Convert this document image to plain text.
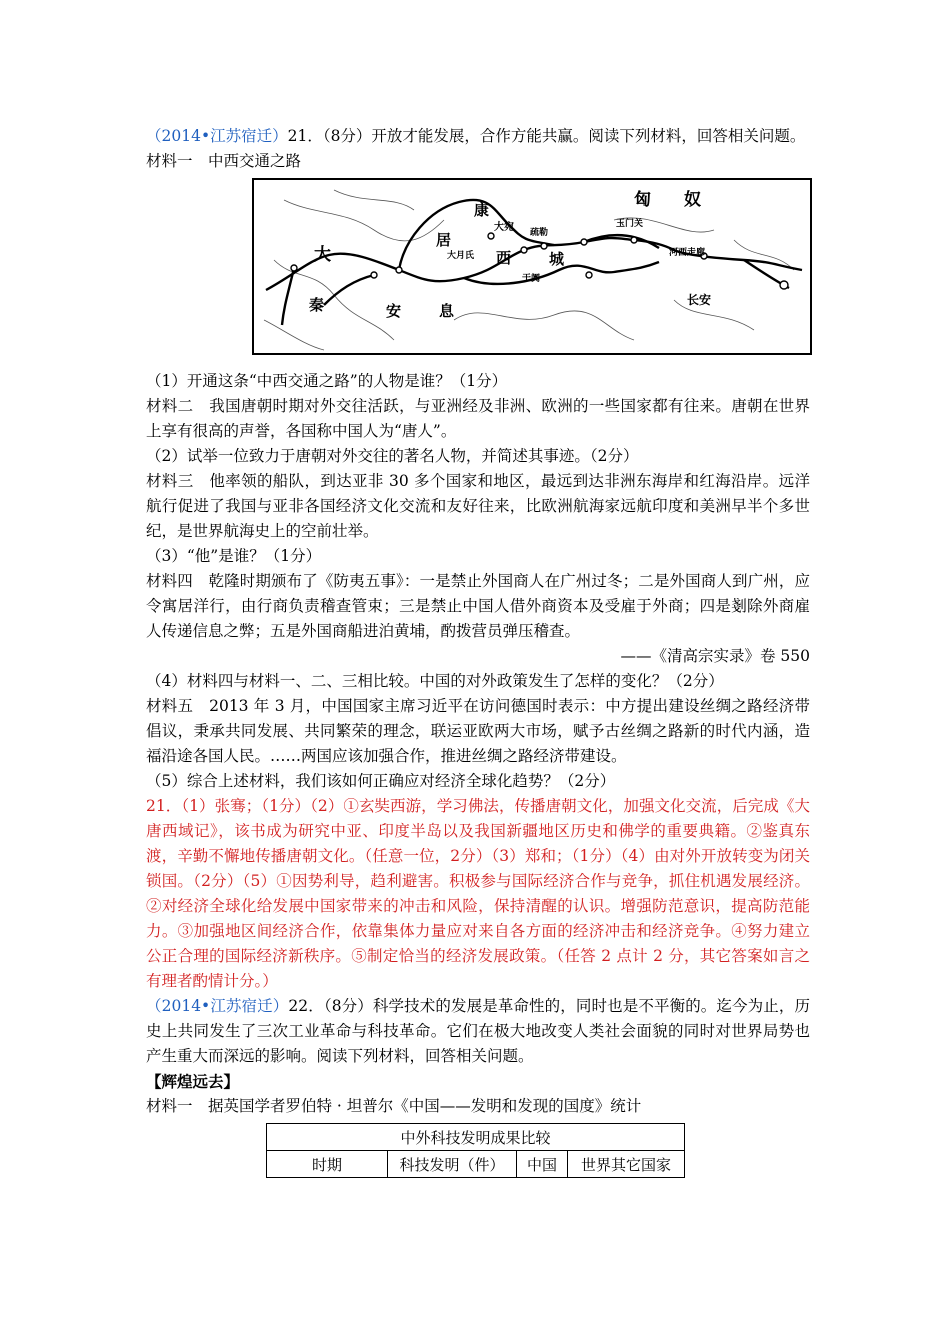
（2014•江苏宿迁）21．（8分）开放才能发展，合作方能共赢。阅读下列材料，回答相关问题。

材料一　中西交通之路

匈 奴
康
居
玉门关
大宛 疏勒
大月氏 西	城
于阗
河西走廊
长安
大
秦	安	息

（1）开通这条“中西交通之路”的人物是谁？（1分）

材料二　我国唐朝时期对外交往活跃，与亚洲经及非洲、欧洲的一些国家都有往来。唐朝在世界上享有很高的声誉，各国称中国人为“唐人”。

（2）试举一位致力于唐朝对外交往的著名人物，并简述其事迹。（2分）

材料三　他率领的船队，到达亚非 30 多个国家和地区，最远到达非洲东海岸和红海沿岸。远洋航行促进了我国与亚非各国经济文化交流和友好往来，比欧洲航海家远航印度和美洲早半个多世纪，是世界航海史上的空前壮举。

（3）“他”是谁？（1分）

材料四　乾隆时期颁布了《防夷五事》：一是禁止外国商人在广州过冬；二是外国商人到广州，应令寓居洋行，由行商负责稽查管束；三是禁止中国人借外商资本及受雇于外商；四是剗除外商雇人传递信息之弊；五是外国商船进泊黄埔，酌拨营员弹压稽查。

——《清高宗实录》卷 550

（4）材料四与材料一、二、三相比较。中国的对外政策发生了怎样的变化？（2分）

材料五　2013 年 3 月，中国国家主席习近平在访问德国时表示：中方提出建设丝绸之路经济带倡议，秉承共同发展、共同繁荣的理念，联运亚欧两大市场，赋予古丝绸之路新的时代内涵，造福沿途各国人民。……两国应该加强合作，推进丝绸之路经济带建设。

（5）综合上述材料，我们该如何正确应对经济全球化趋势？（2分）

21．（1）张骞；（1分）（2）①玄奘西游，学习佛法，传播唐朝文化，加强文化交流，后完成《大唐西域记》，该书成为研究中亚、印度半岛以及我国新疆地区历史和佛学的重要典籍。②鉴真东渡，辛勤不懈地传播唐朝文化。（任意一位，2分）（3）郑和；（1分）（4）由对外开放转变为闭关锁国。（2分）（5）①因势利导，趋利避害。积极参与国际经济合作与竞争，抓住机遇发展经济。②对经济全球化给发展中国家带来的冲击和风险，保持清醒的认识。增强防范意识，提高防范能力。③加强地区间经济合作，依靠集体力量应对来自各方面的经济冲击和经济竞争。④努力建立公正合理的国际经济新秩序。⑤制定恰当的经济发展政策。（任答 2 点计 2 分，其它答案如言之有理者酌情计分。）

（2014•江苏宿迁）22．（8分）科学技术的发展是革命性的，同时也是不平衡的。迄今为止，历史上共同发生了三次工业革命与科技革命。它们在极大地改变人类社会面貌的同时对世界局势也产生重大而深远的影响。阅读下列材料，回答相关问题。

【辉煌远去】

材料一　据英国学者罗伯特 · 坦普尔《中国——发明和发现的国度》统计

中外科技发明成果比较
时期	科技发明（件）	中国	世界其它国家
